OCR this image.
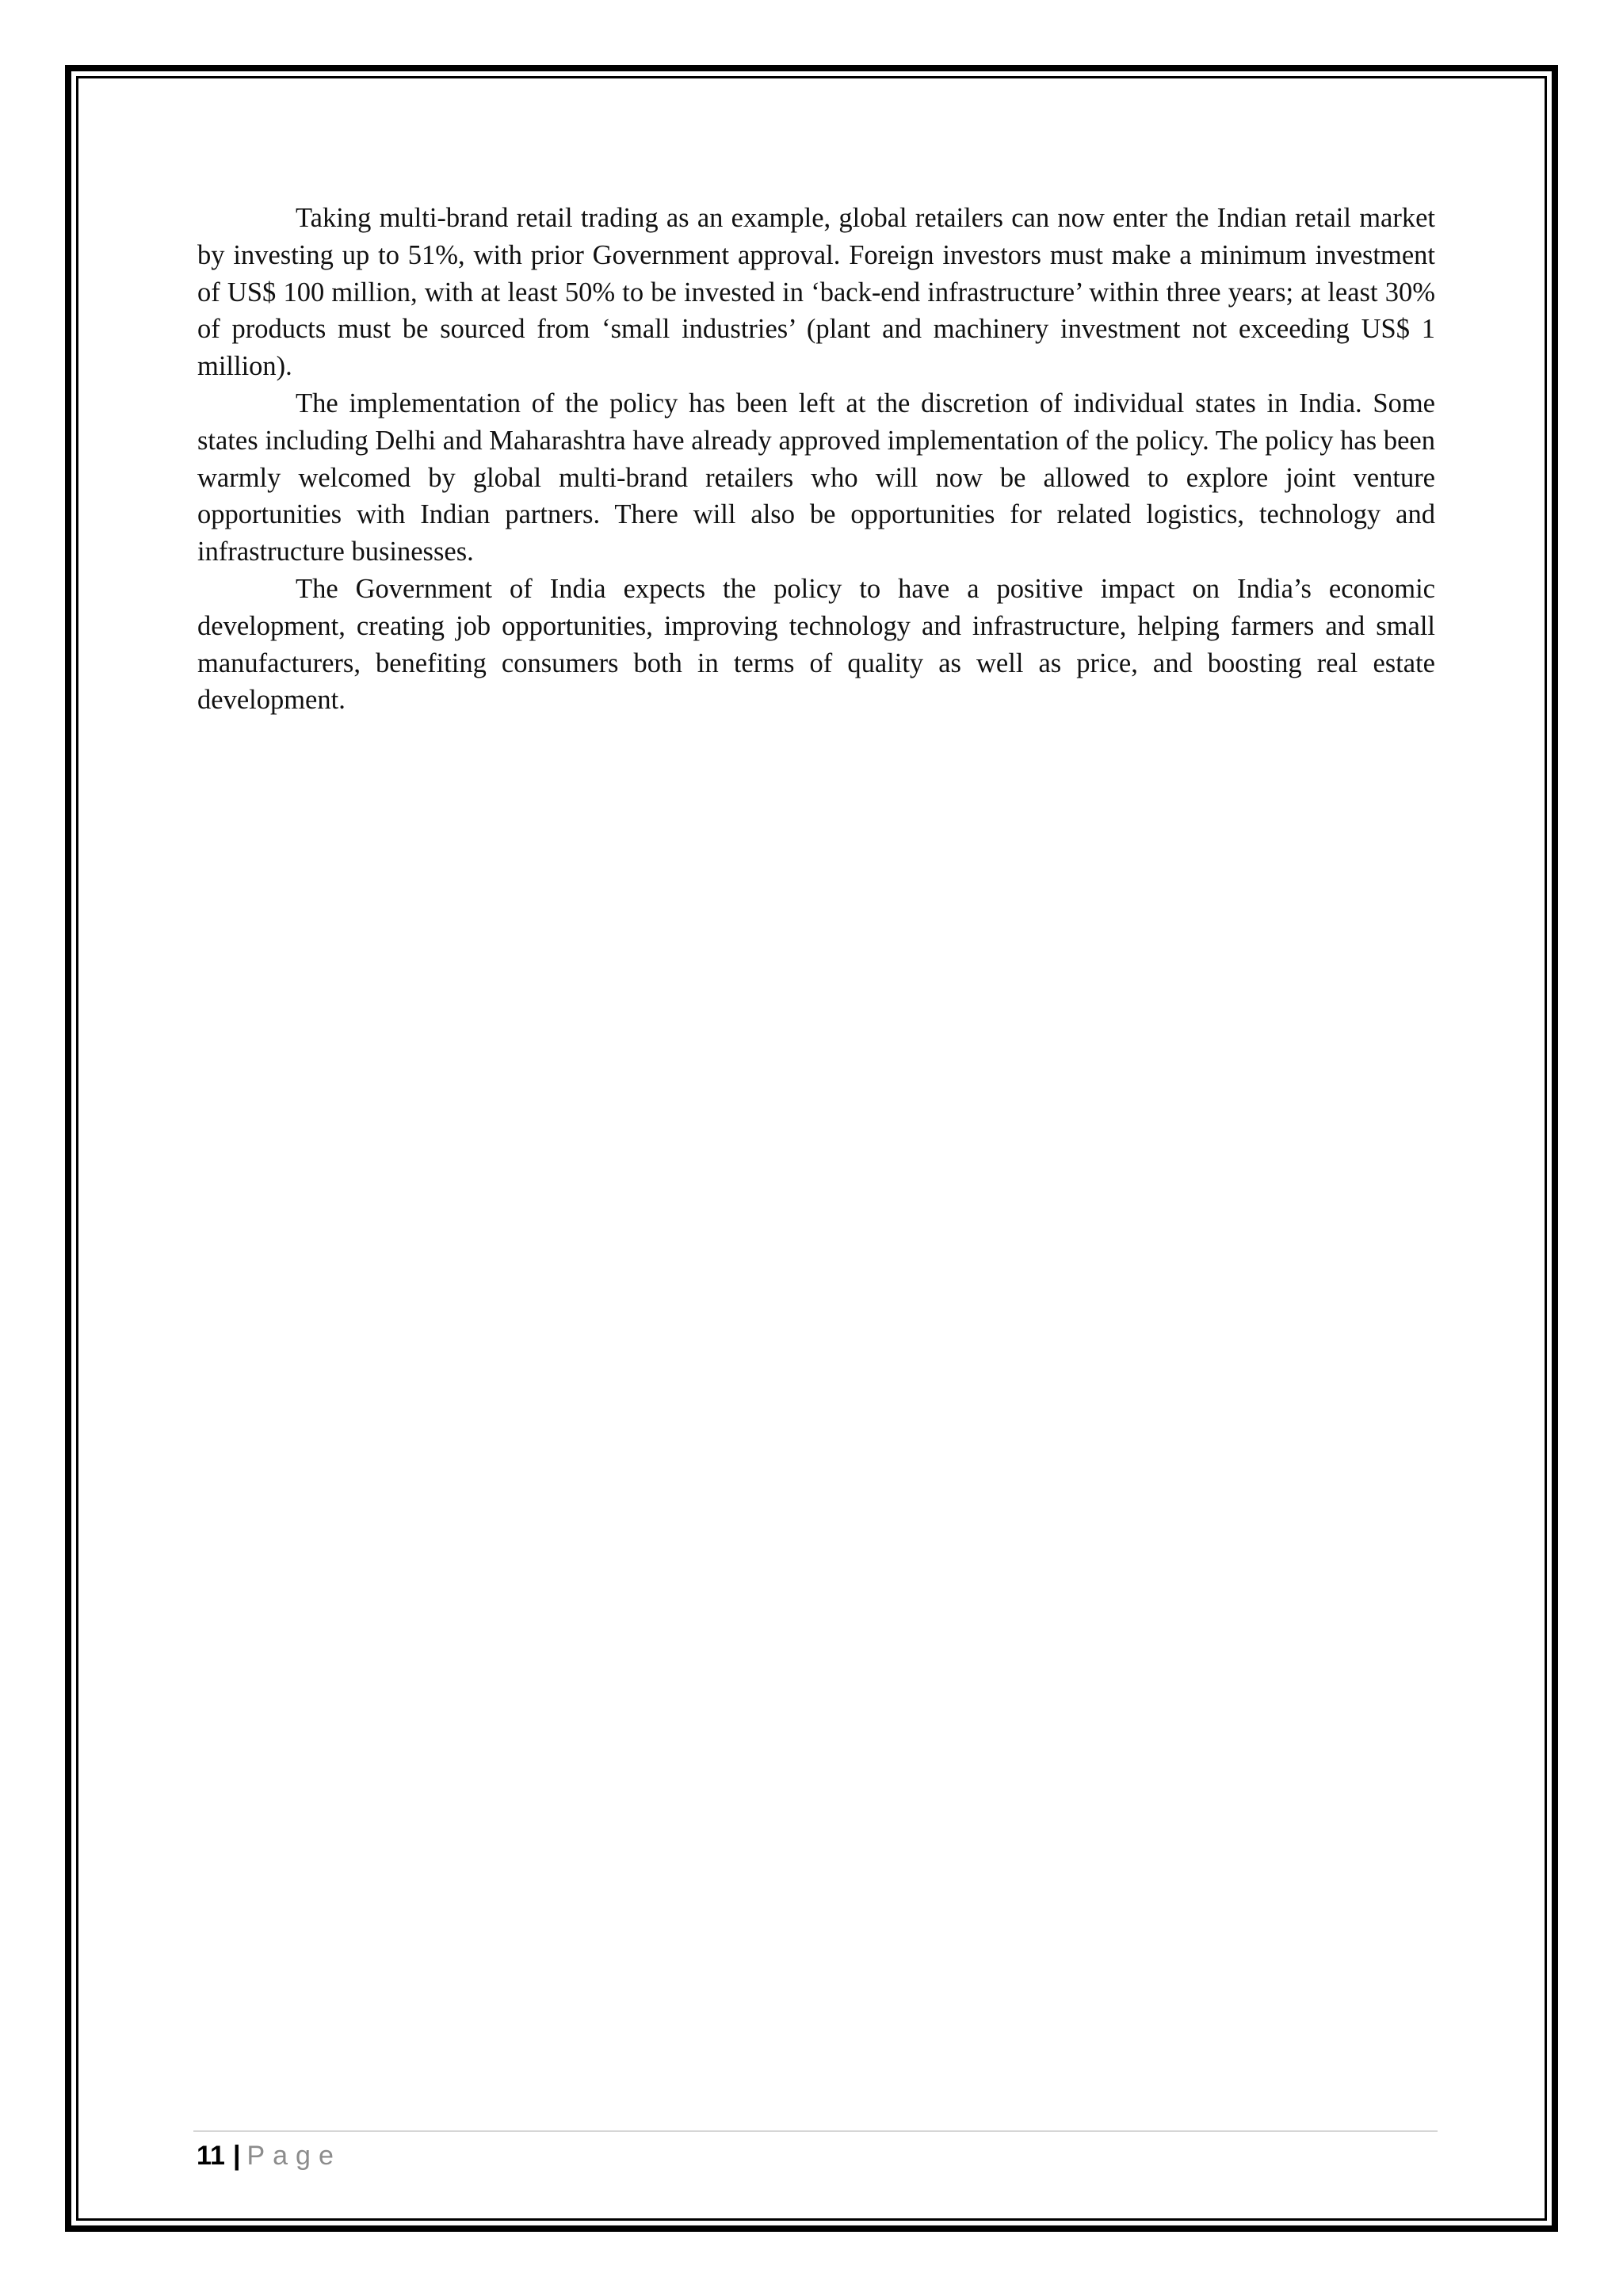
Taking multi-brand retail trading as an example, global retailers can now enter the Indian retail market by investing up to 51%, with prior Government approval. Foreign investors must make a minimum investment of US$ 100 million, with at least 50% to be invested in ‘back-end infrastructure’ within three years; at least 30% of products must be sourced from ‘small industries’ (plant and machinery investment not exceeding US$ 1 million).

The implementation of the policy has been left at the discretion of individual states in India. Some states including Delhi and Maharashtra have already approved implementation of the policy. The policy has been warmly welcomed by global multi-brand retailers who will now be allowed to explore joint venture opportunities with Indian partners. There will also be opportunities for related logistics, technology and infrastructure businesses.

The Government of India expects the policy to have a positive impact on India’s economic development, creating job opportunities, improving technology and infrastructure, helping farmers and small manufacturers, benefiting consumers both in terms of quality as well as price, and boosting real estate development.

11 | Page
